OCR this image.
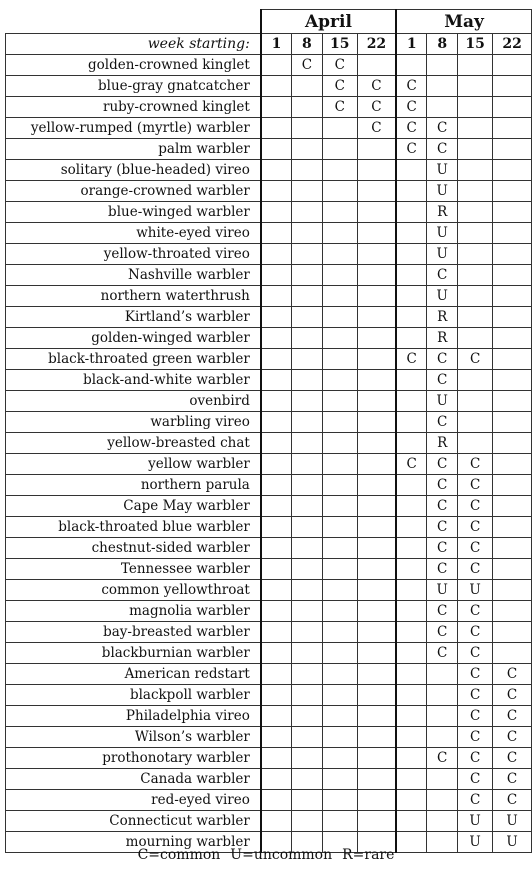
	April				May			
week starting:	1	8	15	22	1	8	15	22
golden-crowned kinglet		C	C					
blue-gray gnatcatcher			C	C	C			
ruby-crowned kinglet			C	C	C			
yellow-rumped (myrtle) warbler				C	C	C		
palm warbler					C	C		
solitary (blue-headed) vireo						U		
orange-crowned warbler						U		
blue-winged warbler						R		
white-eyed vireo						U		
yellow-throated vireo						U		
Nashville warbler						C		
northern waterthrush						U		
Kirtland’s warbler						R		
golden-winged warbler						R		
black-throated green warbler					C	C	C	
black-and-white warbler						C		
ovenbird						U		
warbling vireo						C		
yellow-breasted chat						R		
yellow warbler					C	C	C	
northern parula						C	C	
Cape May warbler						C	C	
black-throated blue warbler						C	C	
chestnut-sided warbler						C	C	
Tennessee warbler						C	C	
common yellowthroat						U	U	
magnolia warbler						C	C	
bay-breasted warbler						C	C	
blackburnian warbler						C	C	
American redstart							C	C
blackpoll warbler							C	C
Philadelphia vireo							C	C
Wilson’s warbler							C	C
prothonotary warbler						C	C	C
Canada warbler							C	C
red-eyed vireo							C	C
Connecticut warbler							U	U
mourning warbler							U	U
C=common U=uncommon R=rare
